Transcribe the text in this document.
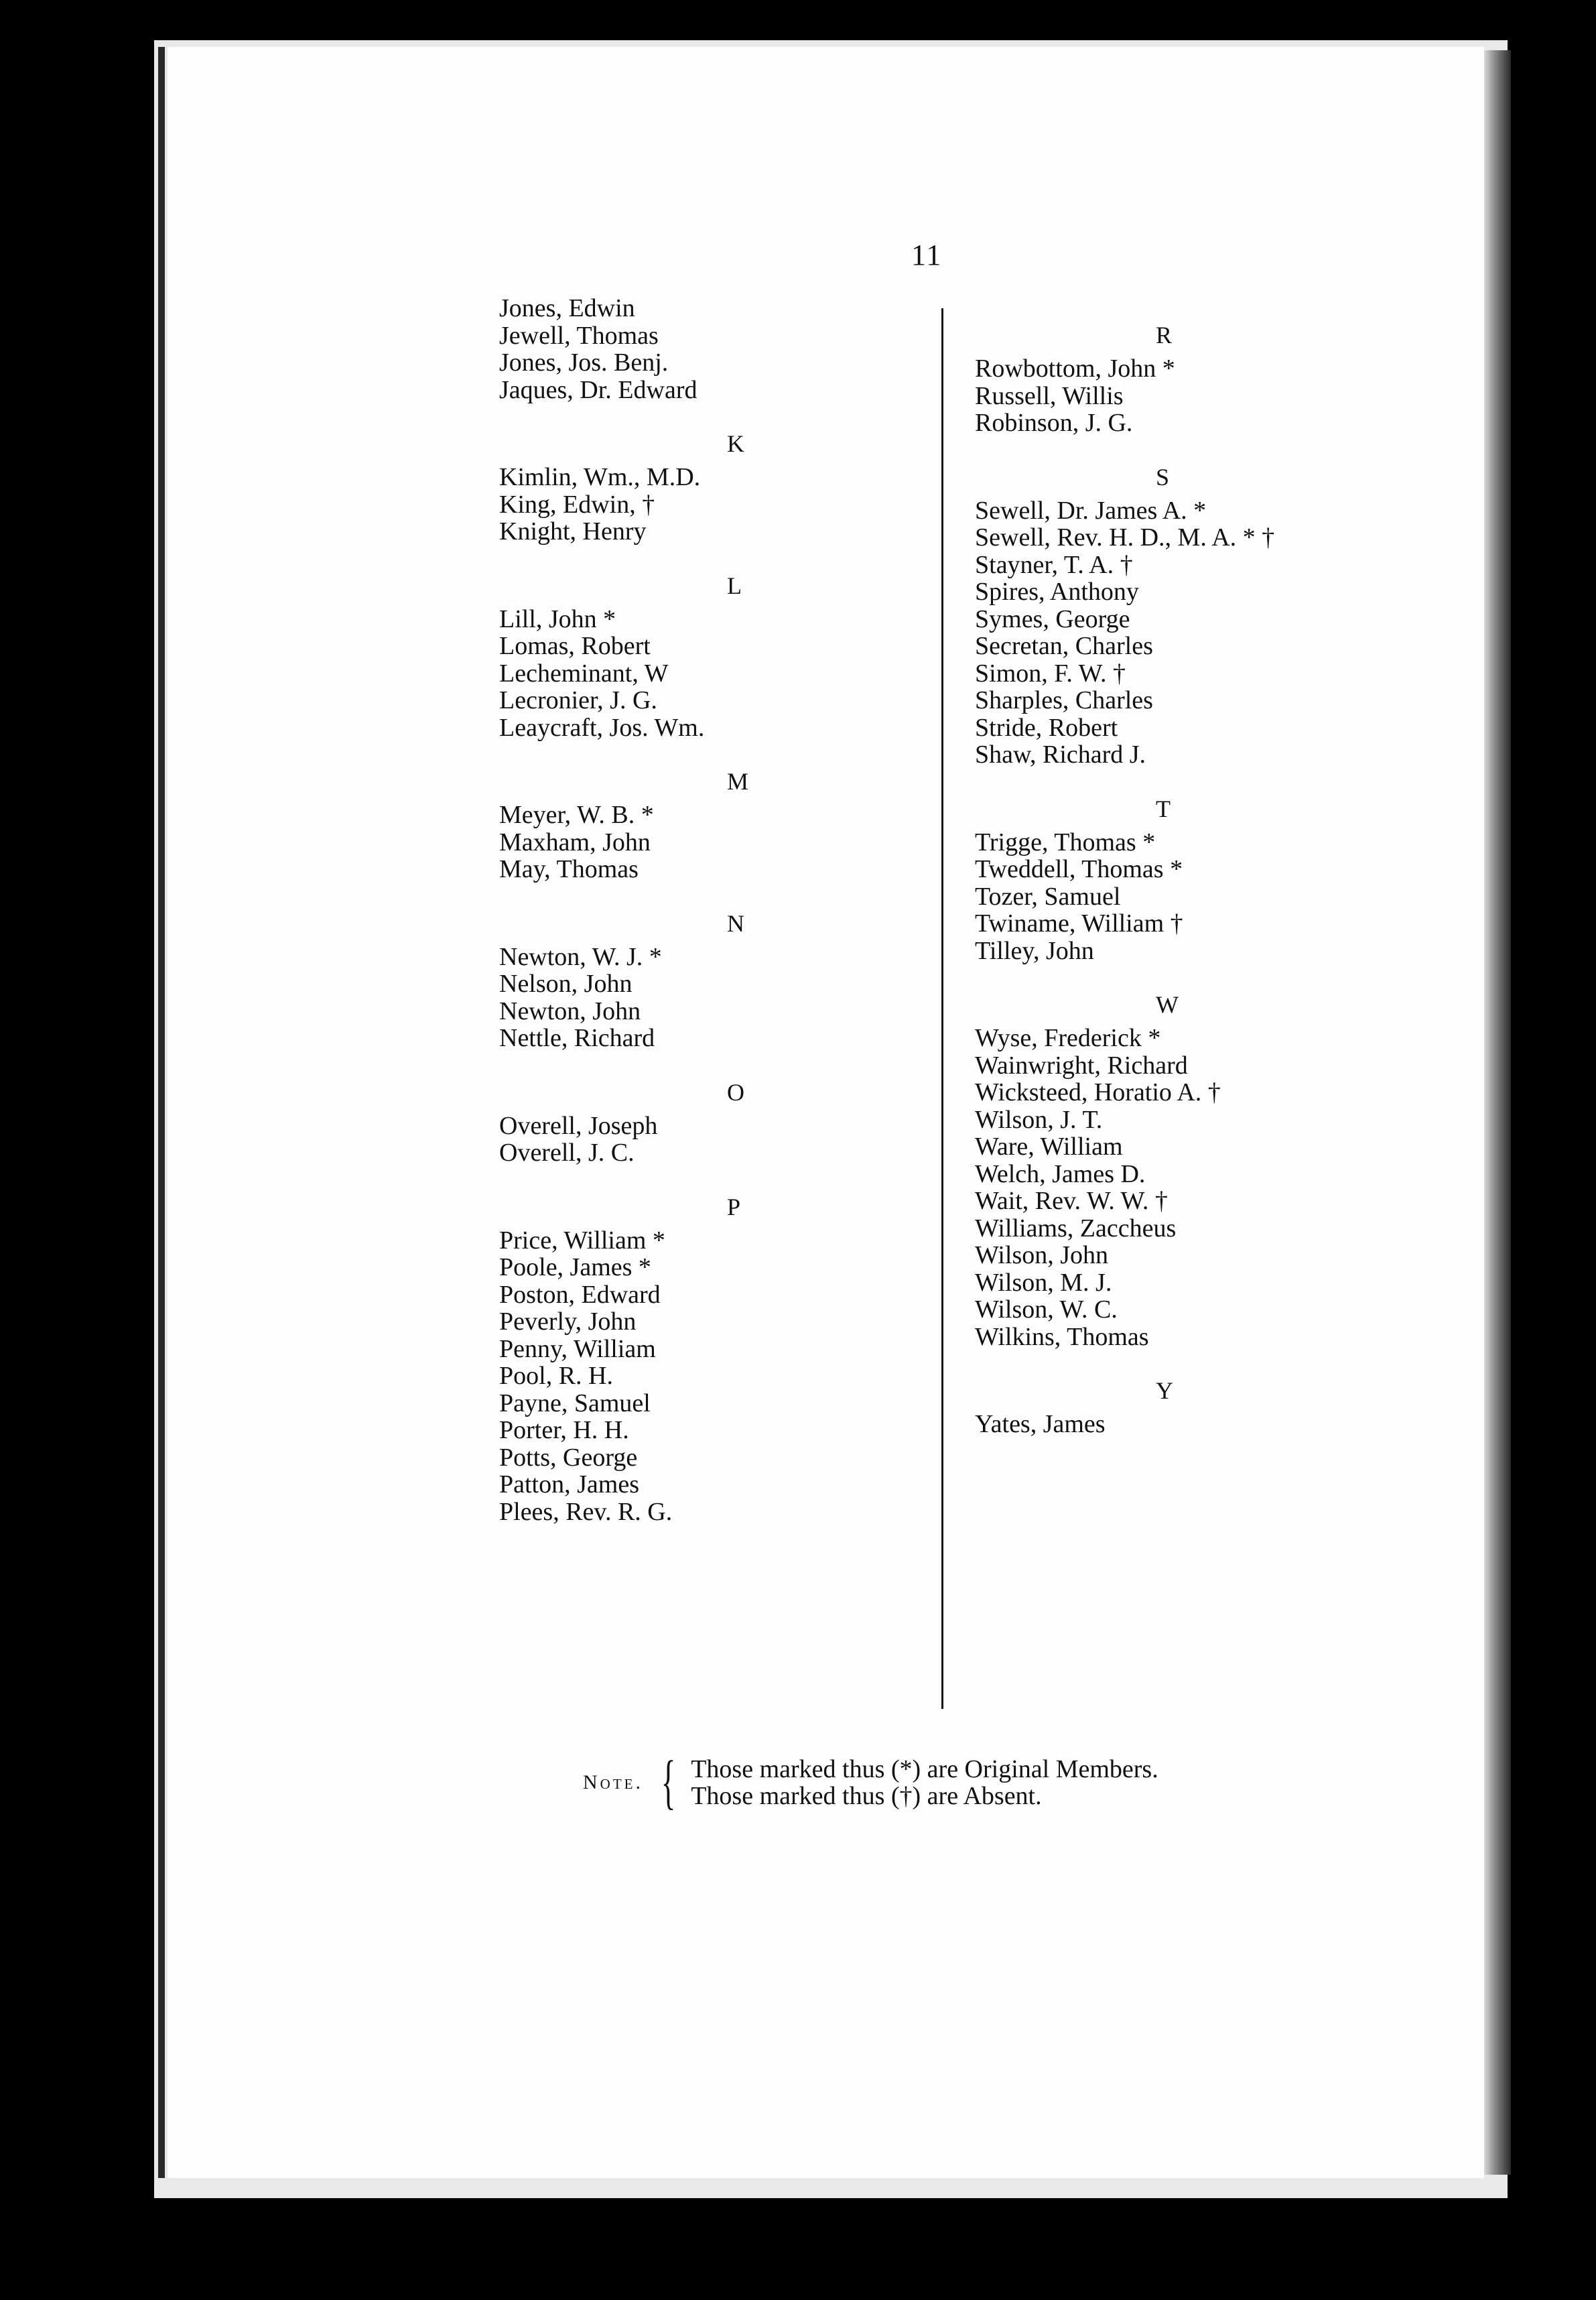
11
Jones, Edwin
Jewell, Thomas
Jones, Jos. Benj.
Jaques, Dr. Edward
K
Kimlin, Wm., M.D.
King, Edwin, †
Knight, Henry
L
Lill, John *
Lomas, Robert
Lecheminant, W
Lecronier, J. G.
Leaycraft, Jos. Wm.
M
Meyer, W. B. *
Maxham, John
May, Thomas
N
Newton, W. J. *
Nelson, John
Newton, John
Nettle, Richard
O
Overell, Joseph
Overell, J. C.
P
Price, William *
Poole, James *
Poston, Edward
Peverly, John
Penny, William
Pool, R. H.
Payne, Samuel
Porter, H. H.
Potts, George
Patton, James
Plees, Rev. R. G.
R
Rowbottom, John *
Russell, Willis
Robinson, J. G.
S
Sewell, Dr. James A. *
Sewell, Rev. H. D., M. A. * †
Stayner, T. A. †
Spires, Anthony
Symes, George
Secretan, Charles
Simon, F. W. †
Sharples, Charles
Stride, Robert
Shaw, Richard J.
T
Trigge, Thomas *
Tweddell, Thomas *
Tozer, Samuel
Twiname, William †
Tilley, John
W
Wyse, Frederick *
Wainwright, Richard
Wicksteed, Horatio A. †
Wilson, J. T.
Ware, William
Welch, James D.
Wait, Rev. W. W. †
Williams, Zaccheus
Wilson, John
Wilson, M. J.
Wilson, W. C.
Wilkins, Thomas
Y
Yates, James
Note. { Those marked thus (*) are Original Members.
Those marked thus (†) are Absent.
